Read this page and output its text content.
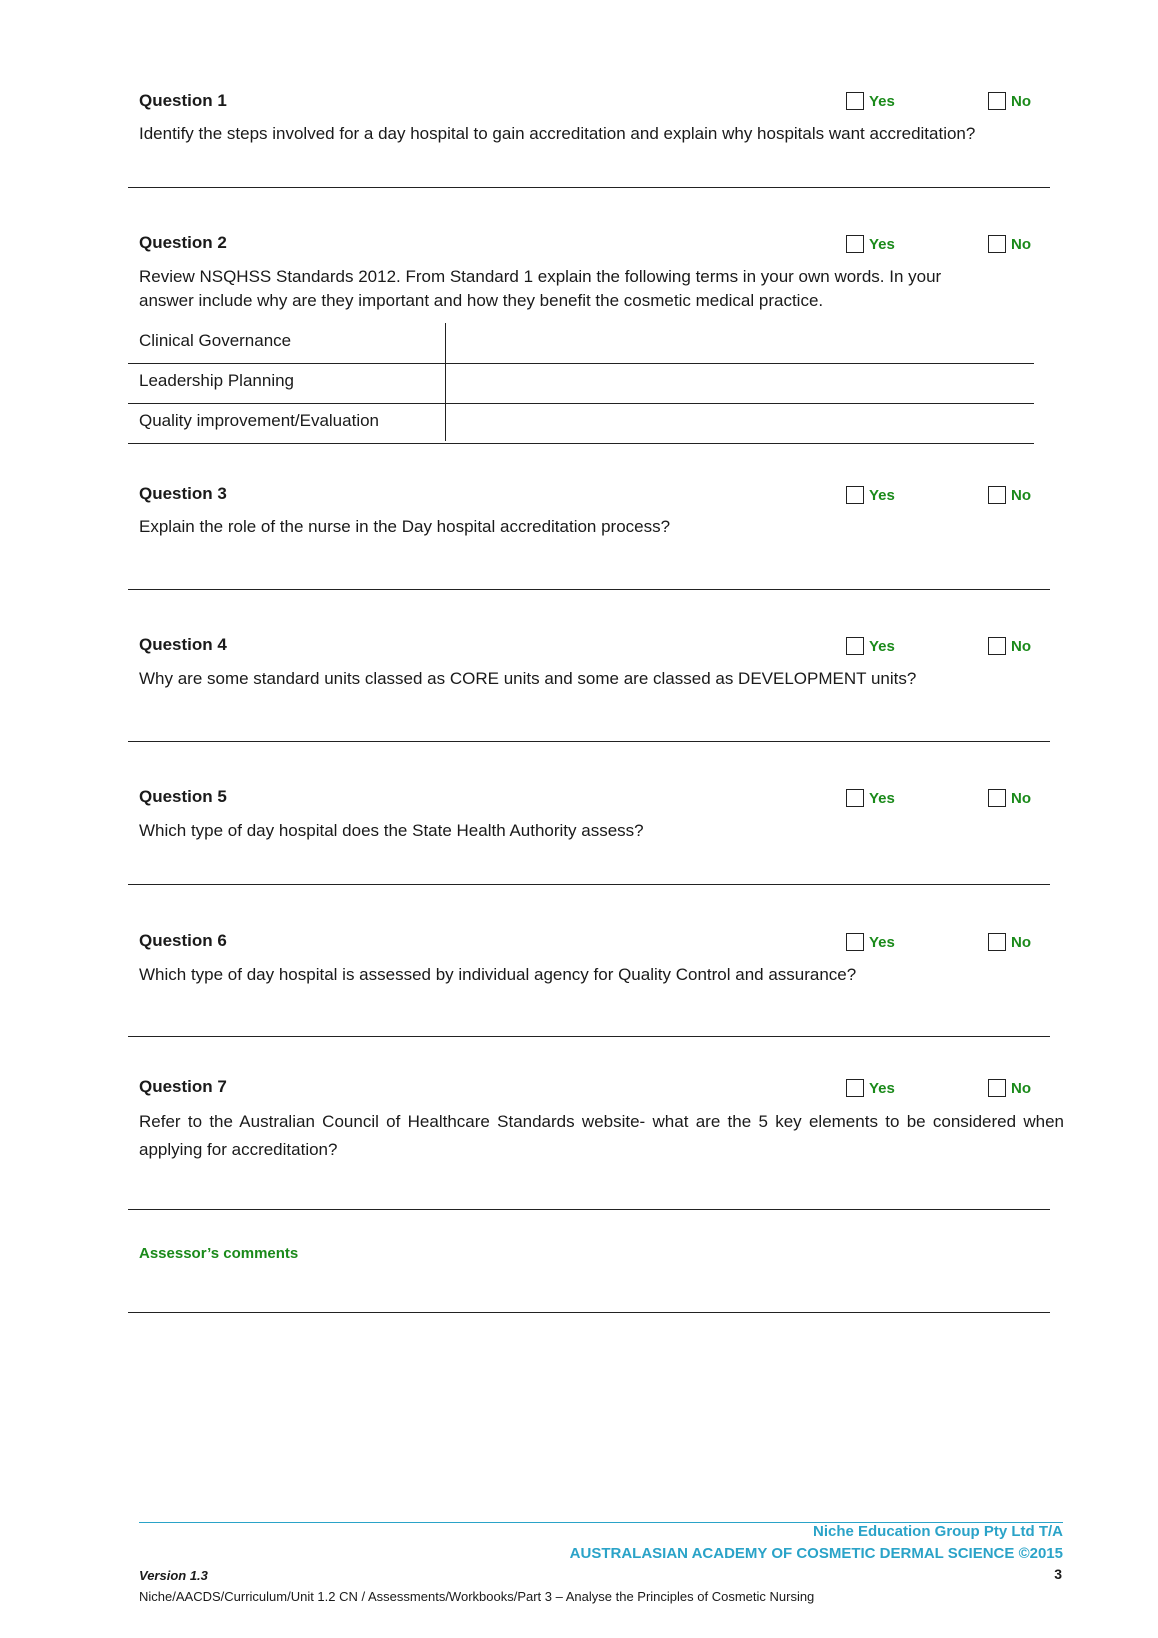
Question 1	Yes	No
Identify the steps involved for a day hospital to gain accreditation and explain why hospitals want accreditation?
Question 2	Yes	No
Review NSQHSS Standards 2012. From Standard 1 explain the following terms in your own words. In your answer include why are they important and how they benefit the cosmetic medical practice.
Clinical Governance
Leadership Planning
Quality improvement/Evaluation
Question 3	Yes	No
Explain the role of the nurse in the Day hospital accreditation process?
Question 4	Yes	No
Why are some standard units classed as CORE units and some are classed as DEVELOPMENT units?
Question 5	Yes	No
Which type of day hospital does the State Health Authority assess?
Question 6	Yes	No
Which type of day hospital is assessed by individual agency for Quality Control and assurance?
Question 7	Yes	No
Refer to the Australian Council of Healthcare Standards website- what are the 5 key elements to be considered when applying for accreditation?
Assessor’s comments
Niche Education Group Pty Ltd T/A
AUSTRALASIAN ACADEMY OF COSMETIC DERMAL SCIENCE ©2015
Version 1.3	3
Niche/AACDS/Curriculum/Unit 1.2 CN / Assessments/Workbooks/Part 3 – Analyse the Principles of Cosmetic Nursing
